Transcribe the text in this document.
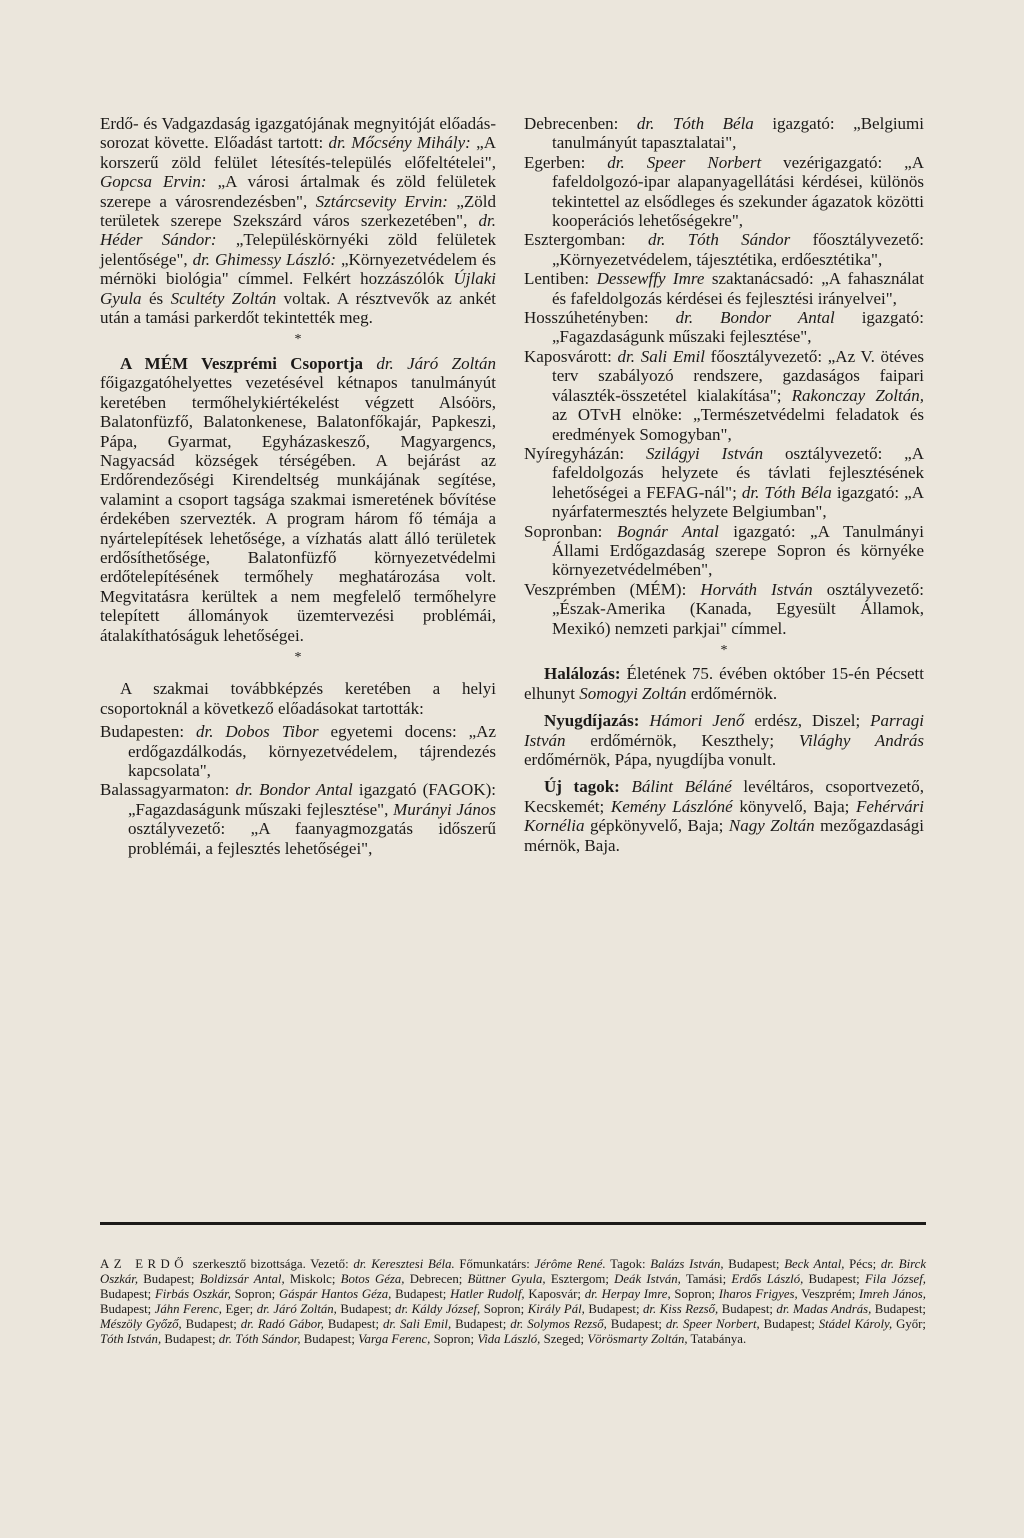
Erdő- és Vadgazdaság igazgatójának megnyitóját előadás-sorozat követte. Előadást tartott: dr. Mőcsény Mihály: „A korszerű zöld felület létesítés-település előfeltételei", Gopcsa Ervin: „A városi ártalmak és zöld felületek szerepe a városrendezésben", Sztárcsevity Ervin: „Zöld területek szerepe Szekszárd város szerkezetében", dr. Héder Sándor: „Településkörnyéki zöld felületek jelentősége", dr. Ghimessy László: „Környezetvédelem és mérnöki biológia" címmel. Felkért hozzászólók Újlaki Gyula és Scultéty Zoltán voltak. A résztvevők az ankét után a tamási parkerdőt tekintették meg.

*

A MÉM Veszprémi Csoportja dr. Járó Zoltán főigazgatóhelyettes vezetésével kétnapos tanulmányút keretében termőhelykiértékelést végzett Alsóörs, Balatonfüzfő, Balatonkenese, Balatonfőkajár, Papkeszi, Pápa, Gyarmat, Egyházaskesző, Magyargencs, Nagyacsád községek térségében. A bejárást az Erdőrendezőségi Kirendeltség munkájának segítése, valamint a csoport tagsága szakmai ismeretének bővítése érdekében szervezték. A program három fő témája a nyártelepítések lehetősége, a vízhatás alatt álló területek erdősíthetősége, Balatonfüzfő környezetvédelmi erdőtelepítésének termőhely meghatározása volt. Megvitatásra kerültek a nem megfelelő termőhelyre telepített állományok üzemtervezési problémái, átalakíthatóságuk lehetőségei.

*

A szakmai továbbképzés keretében a helyi csoportoknál a következő előadásokat tartották:

Budapesten: dr. Dobos Tibor egyetemi docens: „Az erdőgazdálkodás, környezetvédelem, tájrendezés kapcsolata",

Balassagyarmaton: dr. Bondor Antal igazgató (FAGOK): „Fagazdaságunk műszaki fejlesztése", Murányi János osztályvezető: „A faanyagmozgatás időszerű problémái, a fejlesztés lehetőségei",

Debrecenben: dr. Tóth Béla igazgató: „Belgiumi tanulmányút tapasztalatai",

Egerben: dr. Speer Norbert vezérigazgató: „A fafeldolgozó-ipar alapanyagellátási kérdései, különös tekintettel az elsődleges és szekunder ágazatok közötti kooperációs lehetőségekre",

Esztergomban: dr. Tóth Sándor főosztályvezető: „Környezetvédelem, tájesztétika, erdőesztétika",

Lentiben: Dessewffy Imre szaktanácsadó: „A fahasználat és fafeldolgozás kérdései és fejlesztési irányelvei",

Hosszúhetényben: dr. Bondor Antal igazgató: „Fagazdaságunk műszaki fejlesztése",

Kaposvárott: dr. Sali Emil főosztályvezető: „Az V. ötéves terv szabályozó rendszere, gazdaságos faipari választék-összetétel kialakítása"; Rakonczay Zoltán, az OTvH elnöke: „Természetvédelmi feladatok és eredmények Somogyban",

Nyíregyházán: Szilágyi István osztályvezető: „A fafeldolgozás helyzete és távlati fejlesztésének lehetőségei a FEFAG-nál"; dr. Tóth Béla igazgató: „A nyárfatermesztés helyzete Belgiumban",

Sopronban: Bognár Antal igazgató: „A Tanulmányi Állami Erdőgazdaság szerepe Sopron és környéke környezetvédelmében",

Veszprémben (MÉM): Horváth István osztályvezető: „Észak-Amerika (Kanada, Egyesült Államok, Mexikó) nemzeti parkjai" címmel.

*

Halálozás: Életének 75. évében október 15-én Pécsett elhunyt Somogyi Zoltán erdőmérnök.

Nyugdíjazás: Hámori Jenő erdész, Diszel; Parragi István erdőmérnök, Keszthely; Világhy András erdőmérnök, Pápa, nyugdíjba vonult.

Új tagok: Bálint Béláné levéltáros, csoportvezető, Kecskemét; Kemény Lászlóné könyvelő, Baja; Fehérvári Kornélia gépkönyvelő, Baja; Nagy Zoltán mezőgazdasági mérnök, Baja.

AZ ERDŐ szerkesztő bizottsága. Vezető: dr. Keresztesi Béla. Főmunkatárs: Jérôme René. Tagok: Balázs István, Budapest; Beck Antal, Pécs; dr. Birck Oszkár, Budapest; Boldizsár Antal, Miskolc; Botos Géza, Debrecen; Büttner Gyula, Esztergom; Deák István, Tamási; Erdős László, Budapest; Fila József, Budapest; Firbás Oszkár, Sopron; Gáspár Hantos Géza, Budapest; Hatler Rudolf, Kaposvár; dr. Herpay Imre, Sopron; Iharos Frigyes, Veszprém; Imreh János, Budapest; Jáhn Ferenc, Eger; dr. Járó Zoltán, Budapest; dr. Káldy József, Sopron; Király Pál, Budapest; dr. Kiss Rezső, Budapest; dr. Madas András, Budapest; Mészöly Győző, Budapest; dr. Radó Gábor, Budapest; dr. Sali Emil, Budapest; dr. Solymos Rezső, Budapest; dr. Speer Norbert, Budapest; Stádel Károly, Győr; Tóth István, Budapest; dr. Tóth Sándor, Budapest; Varga Ferenc, Sopron; Vida László, Szeged; Vörösmarty Zoltán, Tatabánya.
